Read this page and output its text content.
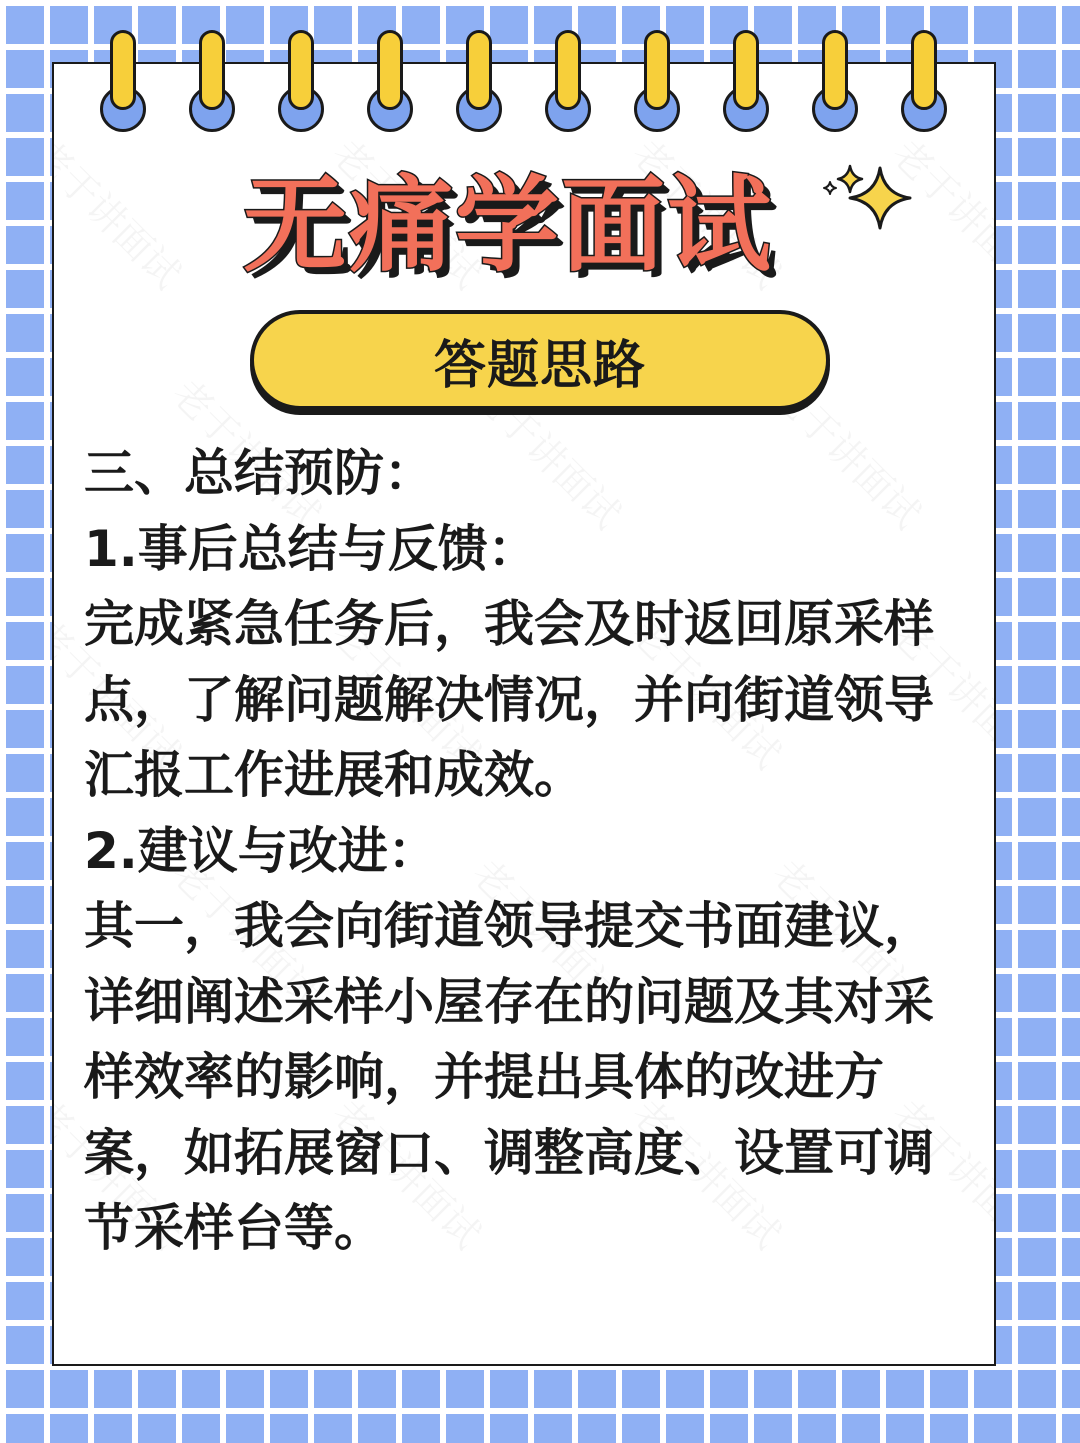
无痛学面试
答题思路

三、总结预防：

1.事后总结与反馈：

完成紧急任务后，我会及时返回原采样

点，了解问题解决情况，并向街道领导

汇报工作进展和成效。

2.建议与改进：

其一，我会向街道领导提交书面建议，

详细阐述采样小屋存在的问题及其对采

样效率的影响，并提出具体的改进方

案，如拓展窗口、调整高度、设置可调

节采样台等。
